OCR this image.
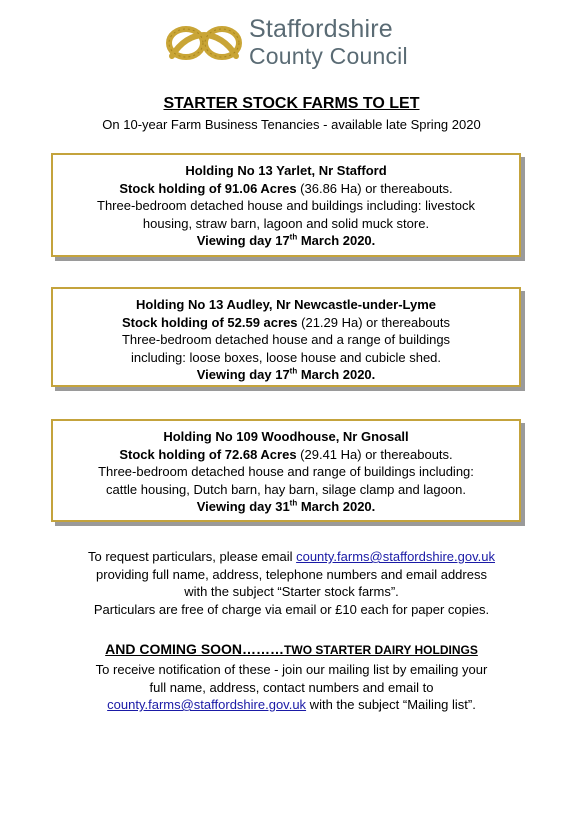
Staffordshire
County Council
STARTER STOCK FARMS TO LET
On 10-year Farm Business Tenancies - available late Spring 2020
Holding No 13 Yarlet, Nr Stafford
Stock holding of 91.06 Acres (36.86 Ha) or thereabouts.
Three-bedroom detached house and buildings including: livestock
housing, straw barn, lagoon and solid muck store.
Viewing day 17th March 2020.
Holding No 13 Audley, Nr Newcastle-under-Lyme
Stock holding of 52.59 acres (21.29 Ha) or thereabouts
Three-bedroom detached house and a range of buildings
including: loose boxes, loose house and cubicle shed.
Viewing day 17th March 2020.
Holding No 109 Woodhouse, Nr Gnosall
Stock holding of 72.68 Acres (29.41 Ha) or thereabouts.
Three-bedroom detached house and range of buildings including:
cattle housing, Dutch barn, hay barn, silage clamp and lagoon.
Viewing day 31th March 2020.
To request particulars, please email county.farms@staffordshire.gov.uk
providing full name, address, telephone numbers and email address
with the subject “Starter stock farms”.
Particulars are free of charge via email or £10 each for paper copies.
AND COMING SOON………TWO STARTER DAIRY HOLDINGS
To receive notification of these - join our mailing list by emailing your
full name, address, contact numbers and email to
county.farms@staffordshire.gov.uk with the subject “Mailing list”.
